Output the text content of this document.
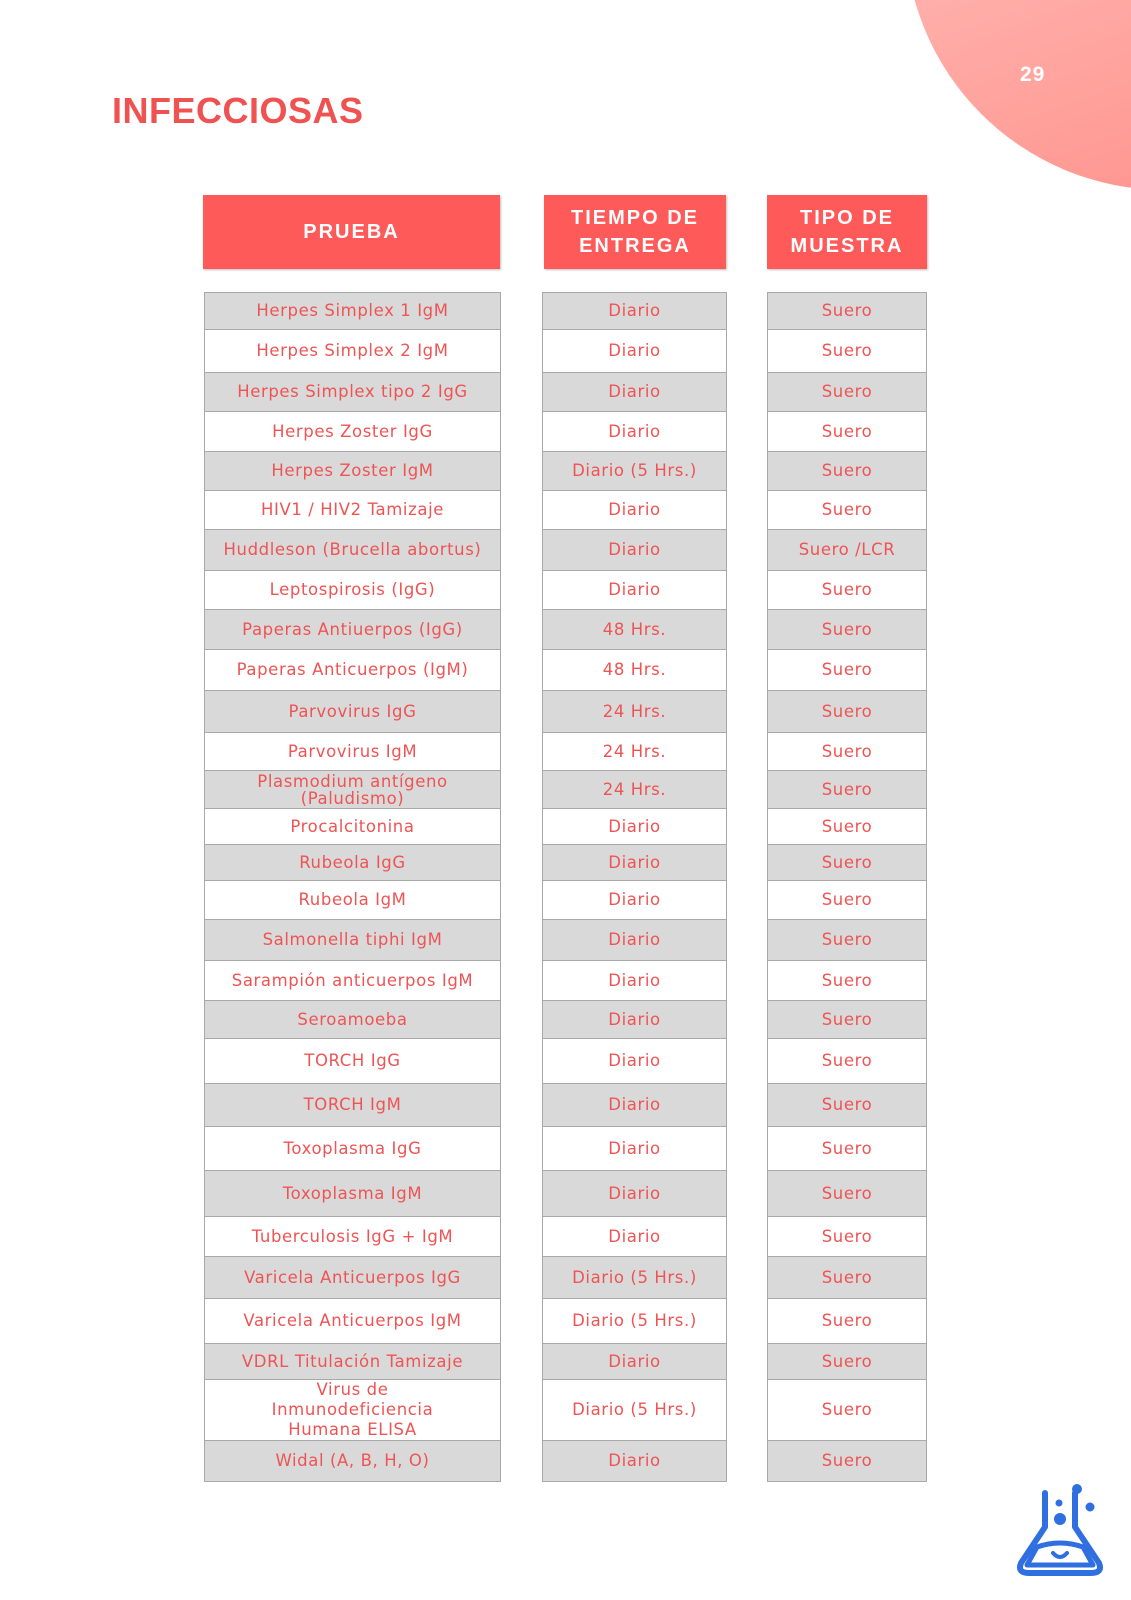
29
INFECCIOSAS
PRUEBA
TIEMPO DE
ENTREGA
TIPO DE
MUESTRA
Herpes Simplex 1 IgM
Herpes Simplex 2 IgM
Herpes Simplex tipo 2 IgG
Herpes Zoster IgG
Herpes Zoster IgM
HIV1 / HIV2 Tamizaje
Huddleson (Brucella abortus)
Leptospirosis (IgG)
Paperas Antiuerpos (IgG)
Paperas Anticuerpos (IgM)
Parvovirus IgG
Parvovirus IgM
Plasmodium antígeno (Paludismo)
Procalcitonina
Rubeola IgG
Rubeola IgM
Salmonella tiphi IgM
Sarampión anticuerpos IgM
Seroamoeba
TORCH IgG
TORCH IgM
Toxoplasma IgG
Toxoplasma IgM
Tuberculosis IgG + IgM
Varicela Anticuerpos IgG
Varicela Anticuerpos IgM
VDRL Titulación Tamizaje
Virus de Inmunodeficiencia Humana ELISA
Widal (A, B, H, O)
Diario
Diario
Diario
Diario
Diario (5 Hrs.)
Diario
Diario
Diario
48 Hrs.
48 Hrs.
24 Hrs.
24 Hrs.
24 Hrs.
Diario
Diario
Diario
Diario
Diario
Diario
Diario
Diario
Diario
Diario
Diario
Diario (5 Hrs.)
Diario (5 Hrs.)
Diario
Diario (5 Hrs.)
Diario
Suero
Suero
Suero
Suero
Suero
Suero
Suero /LCR
Suero
Suero
Suero
Suero
Suero
Suero
Suero
Suero
Suero
Suero
Suero
Suero
Suero
Suero
Suero
Suero
Suero
Suero
Suero
Suero
Suero
Suero
